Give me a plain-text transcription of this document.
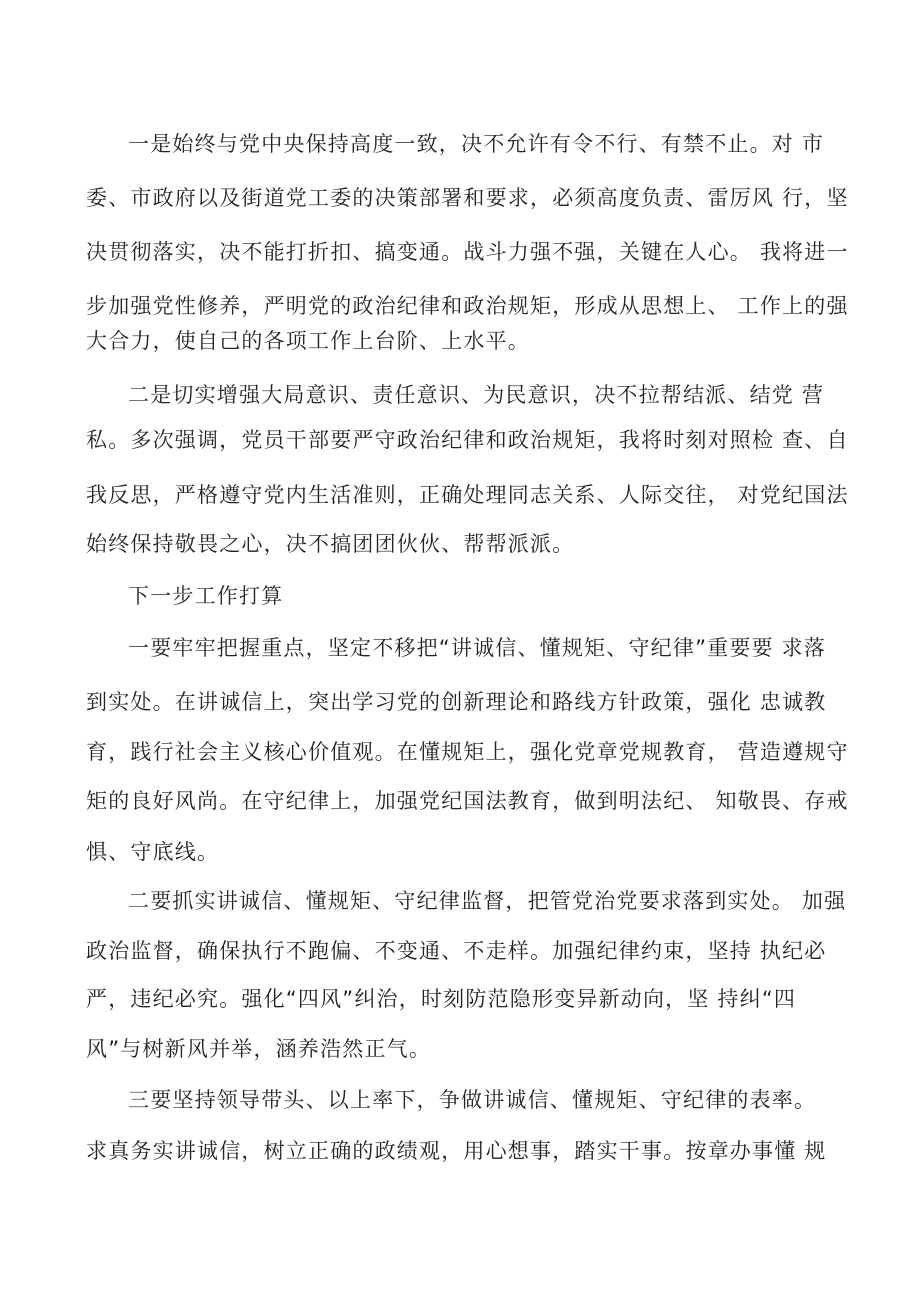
一是始终与党中央保持高度一致，决不允许有令不行、有禁不止。对 市
委、市政府以及街道党工委的决策部署和要求，必须高度负责、雷厉风 行，坚
决贯彻落实，决不能打折扣、搞变通。战斗力强不强，关键在人心。 我将进一
步加强党性修养，严明党的政治纪律和政治规矩，形成从思想上、 工作上的强
大合力，使自己的各项工作上台阶、上水平。
二是切实增强大局意识、责任意识、为民意识，决不拉帮结派、结党 营
私。多次强调，党员干部要严守政治纪律和政治规矩，我将时刻对照检 查、自
我反思，严格遵守党内生活准则，正确处理同志关系、人际交往， 对党纪国法
始终保持敬畏之心，决不搞团团伙伙、帮帮派派。
下一步工作打算
一要牢牢把握重点，坚定不移把“讲诚信、懂规矩、守纪律”重要要 求落
到实处。在讲诚信上，突出学习党的创新理论和路线方针政策，强化 忠诚教
育，践行社会主义核心价值观。在懂规矩上，强化党章党规教育， 营造遵规守
矩的良好风尚。在守纪律上，加强党纪国法教育，做到明法纪、 知敬畏、存戒
惧、守底线。
二要抓实讲诚信、懂规矩、守纪律监督，把管党治党要求落到实处。 加强
政治监督，确保执行不跑偏、不变通、不走样。加强纪律约束，坚持 执纪必
严，违纪必究。强化“四风”纠治，时刻防范隐形变异新动向，坚 持纠“四
风”与树新风并举，涵养浩然正气。
三要坚持领导带头、以上率下，争做讲诚信、懂规矩、守纪律的表率。
求真务实讲诚信，树立正确的政绩观，用心想事，踏实干事。按章办事懂 规
